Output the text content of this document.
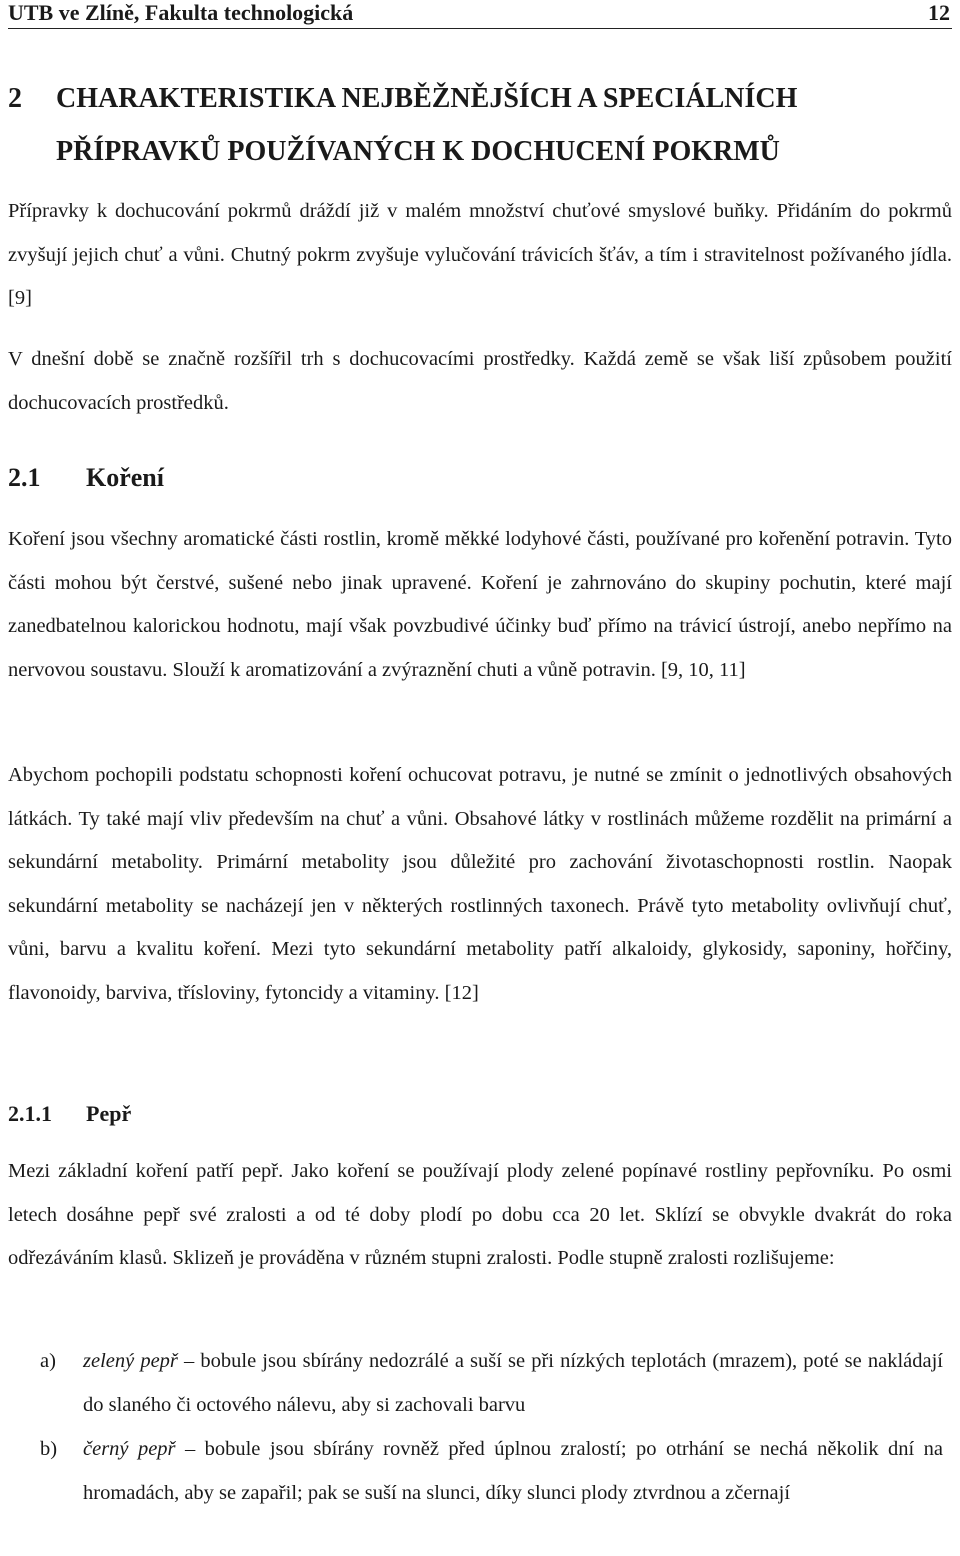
UTB ve Zlíně, Fakulta technologická	12
2 CHARAKTERISTIKA NEJBĚŽNĚJŠÍCH A SPECIÁLNÍCH
PŘÍPRAVKŮ POUŽÍVANÝCH K DOCHUCENÍ POKRMŮ
Přípravky k dochucování pokrmů dráždí již v malém množství chuťové smyslové buňky. Přidáním do pokrmů zvyšují jejich chuť a vůni. Chutný pokrm zvyšuje vylučování trávicích šťáv, a tím i stravitelnost požívaného jídla. [9]
V dnešní době se značně rozšířil trh s dochucovacími prostředky. Každá země se však liší způsobem použití dochucovacích prostředků.
2.1 Koření
Koření jsou všechny aromatické části rostlin, kromě měkké lodyhové části, používané pro kořenění potravin. Tyto části mohou být čerstvé, sušené nebo jinak upravené. Koření je zahrnováno do skupiny pochutin, které mají zanedbatelnou kalorickou hodnotu, mají však povzbudivé účinky buď přímo na trávicí ústrojí, anebo nepřímo na nervovou soustavu. Slouží k aromatizování a zvýraznění chuti a vůně potravin. [9, 10, 11]
Abychom pochopili podstatu schopnosti koření ochucovat potravu, je nutné se zmínit o jednotlivých obsahových látkách. Ty také mají vliv především na chuť a vůni. Obsahové látky v rostlinách můžeme rozdělit na primární a sekundární metabolity. Primární metabolity jsou důležité pro zachování životaschopnosti rostlin. Naopak sekundární metabolity se nacházejí jen v některých rostlinných taxonech. Právě tyto metabolity ovlivňují chuť, vůni, barvu a kvalitu koření. Mezi tyto sekundární metabolity patří alkaloidy, glykosidy, saponiny, hořčiny, flavonoidy, barviva, třísloviny, fytoncidy a vitaminy. [12]
2.1.1 Pepř
Mezi základní koření patří pepř. Jako koření se používají plody zelené popínavé rostliny pepřovníku. Po osmi letech dosáhne pepř své zralosti a od té doby plodí po dobu cca 20 let. Sklízí se obvykle dvakrát do roka odřezáváním klasů. Sklizeň je prováděna v různém stupni zralosti. Podle stupně zralosti rozlišujeme:
a) zelený pepř – bobule jsou sbírány nedozrálé a suší se při nízkých teplotách (mrazem), poté se nakládají do slaného či octového nálevu, aby si zachovali barvu
b) černý pepř – bobule jsou sbírány rovněž před úplnou zralostí; po otrhání se nechá několik dní na hromadách, aby se zapařil; pak se suší na slunci, díky slunci plody ztvrdnou a zčernají
